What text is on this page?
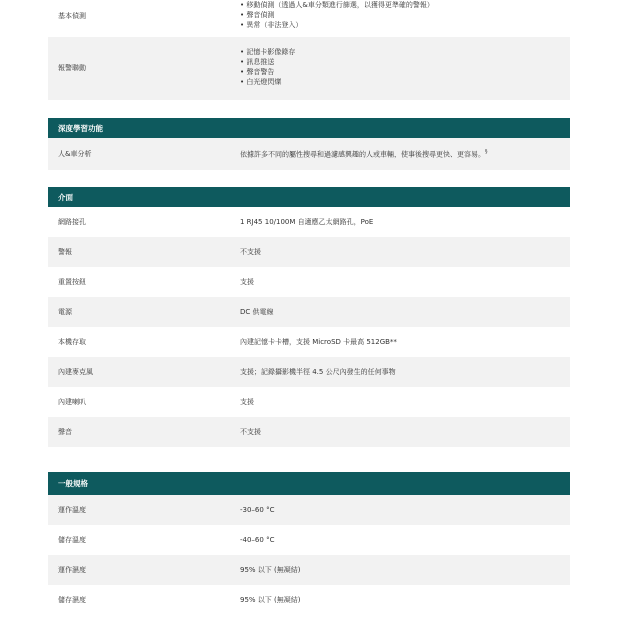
基本偵測
• 移動偵測（透過人&車分類進行篩選，以獲得更準確的警報）
• 聲音偵測
• 異常（非法登入）
報警聯動
• 記憶卡影像錄存
• 訊息推送
• 聲音警告
• 白光燈閃爍
深度學習功能
人&車分析	依據許多不同的屬性搜尋和過濾感興趣的人或車輛，使事後搜尋更快、更容易。§
介面
網路接孔	1 RJ45 10/100M 自適應乙太網路孔，PoE
警報	不支援
重置按鈕	支援
電源	DC 供電線
本機存取	內建記憶卡卡槽，支援 MicroSD 卡最高 512GB**
內建麥克風	支援；記錄攝影機半徑 4.5 公尺內發生的任何事物
內建喇叭	支援
聲音	不支援
一般規格
運作溫度	-30–60 °C
儲存溫度	-40–60 °C
運作濕度	95% 以下 (無凝結)
儲存濕度	95% 以下 (無凝結)
